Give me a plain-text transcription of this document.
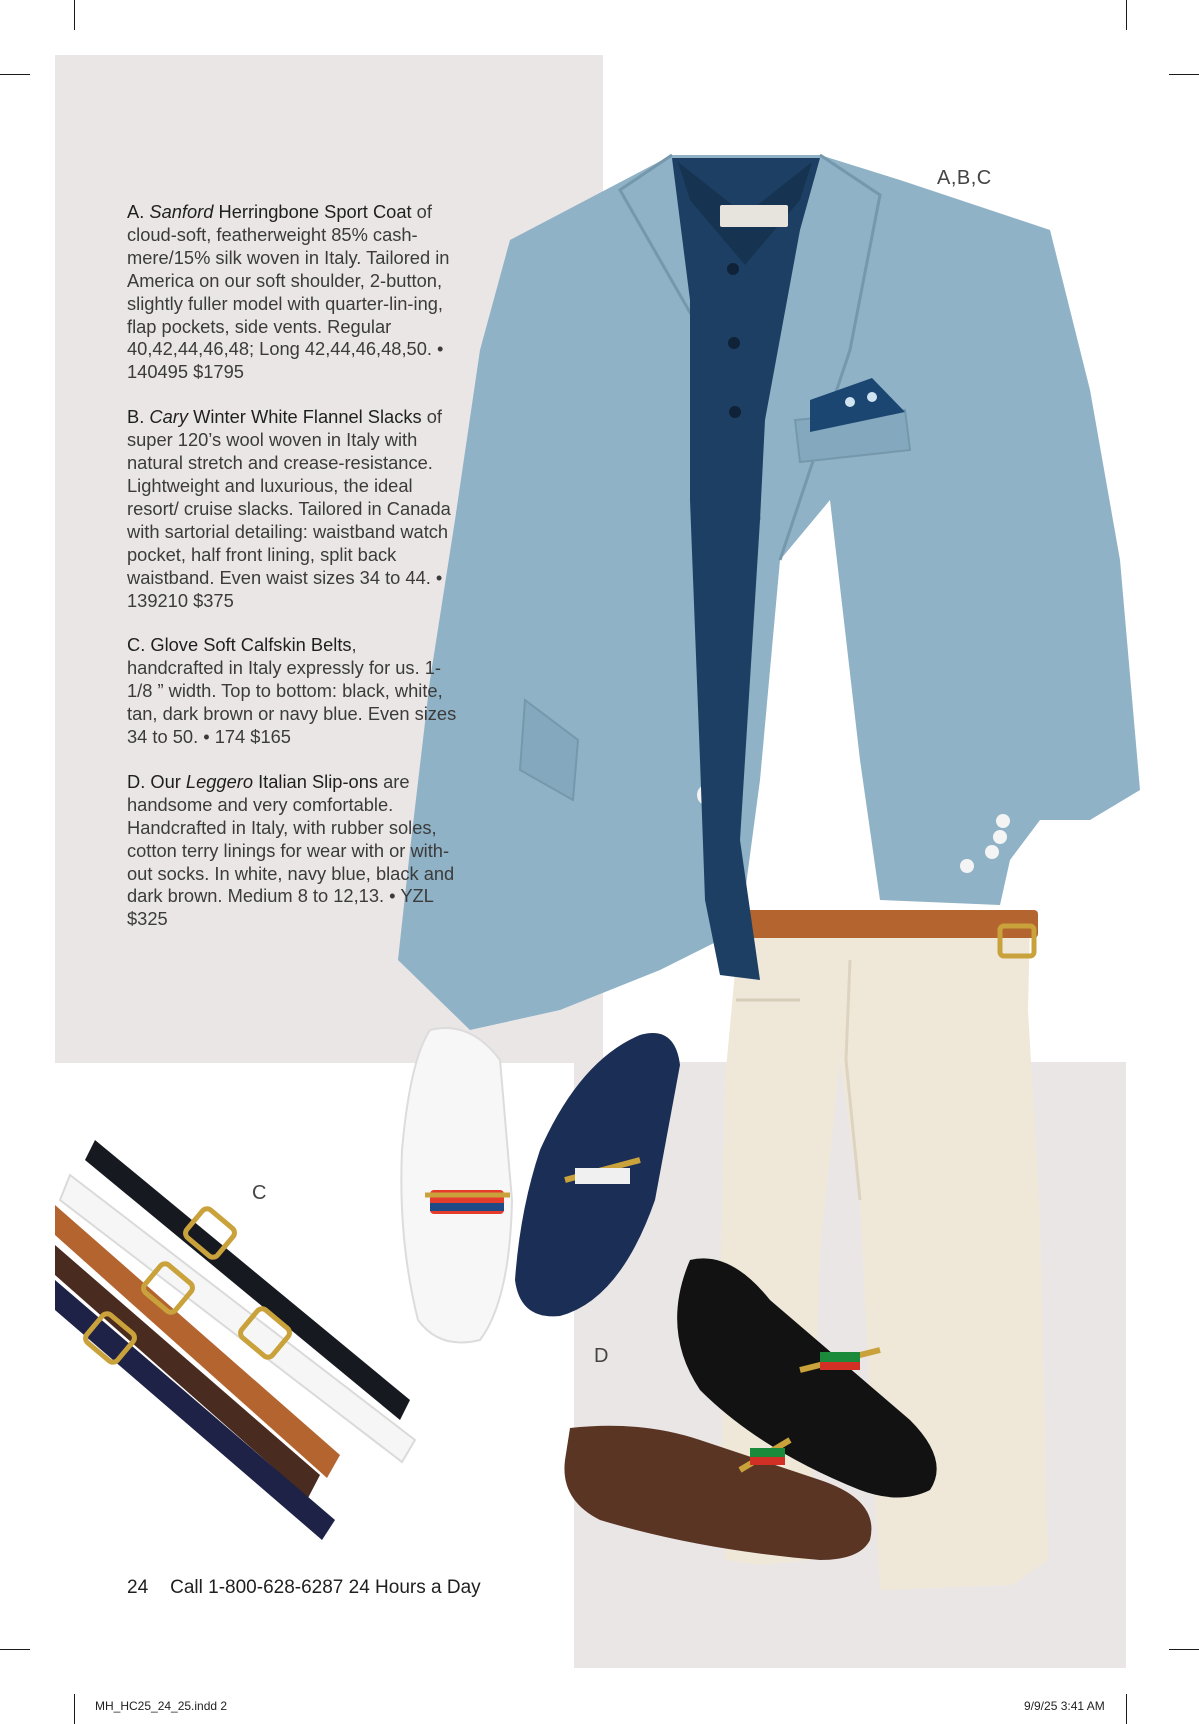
A. Sanford Herringbone Sport Coat of cloud-soft, featherweight 85% cash-mere/15% silk woven in Italy. Tailored in America on our soft shoulder, 2-button, slightly fuller model with quarter-lin-ing, flap pockets, side vents. Regular 40,42,44,46,48; Long 42,44,46,48,50. • 140495 $1795

B. Cary Winter White Flannel Slacks of super 120’s wool woven in Italy with natural stretch and crease-resistance. Lightweight and luxurious, the ideal resort/ cruise slacks. Tailored in Canada with sartorial detailing: waistband watch pocket, half front lining, split back waistband. Even waist sizes 34 to 44. • 139210 $375

C. Glove Soft Calfskin Belts, handcrafted in Italy expressly for us. 1-1/8 ” width. Top to bottom: black, white, tan, dark brown or navy blue. Even sizes 34 to 50. • 174 $165

D. Our Leggero Italian Slip-ons are handsome and very comfortable. Handcrafted in Italy, with rubber soles, cotton terry linings for wear with or with-out socks. In white, navy blue, black and dark brown. Medium 8 to 12,13. • YZL $325

A,B,C
C
D
24 Call 1-800-628-6287 24 Hours a Day
MH_HC25_24_25.indd 2	9/9/25 3:41 AM
